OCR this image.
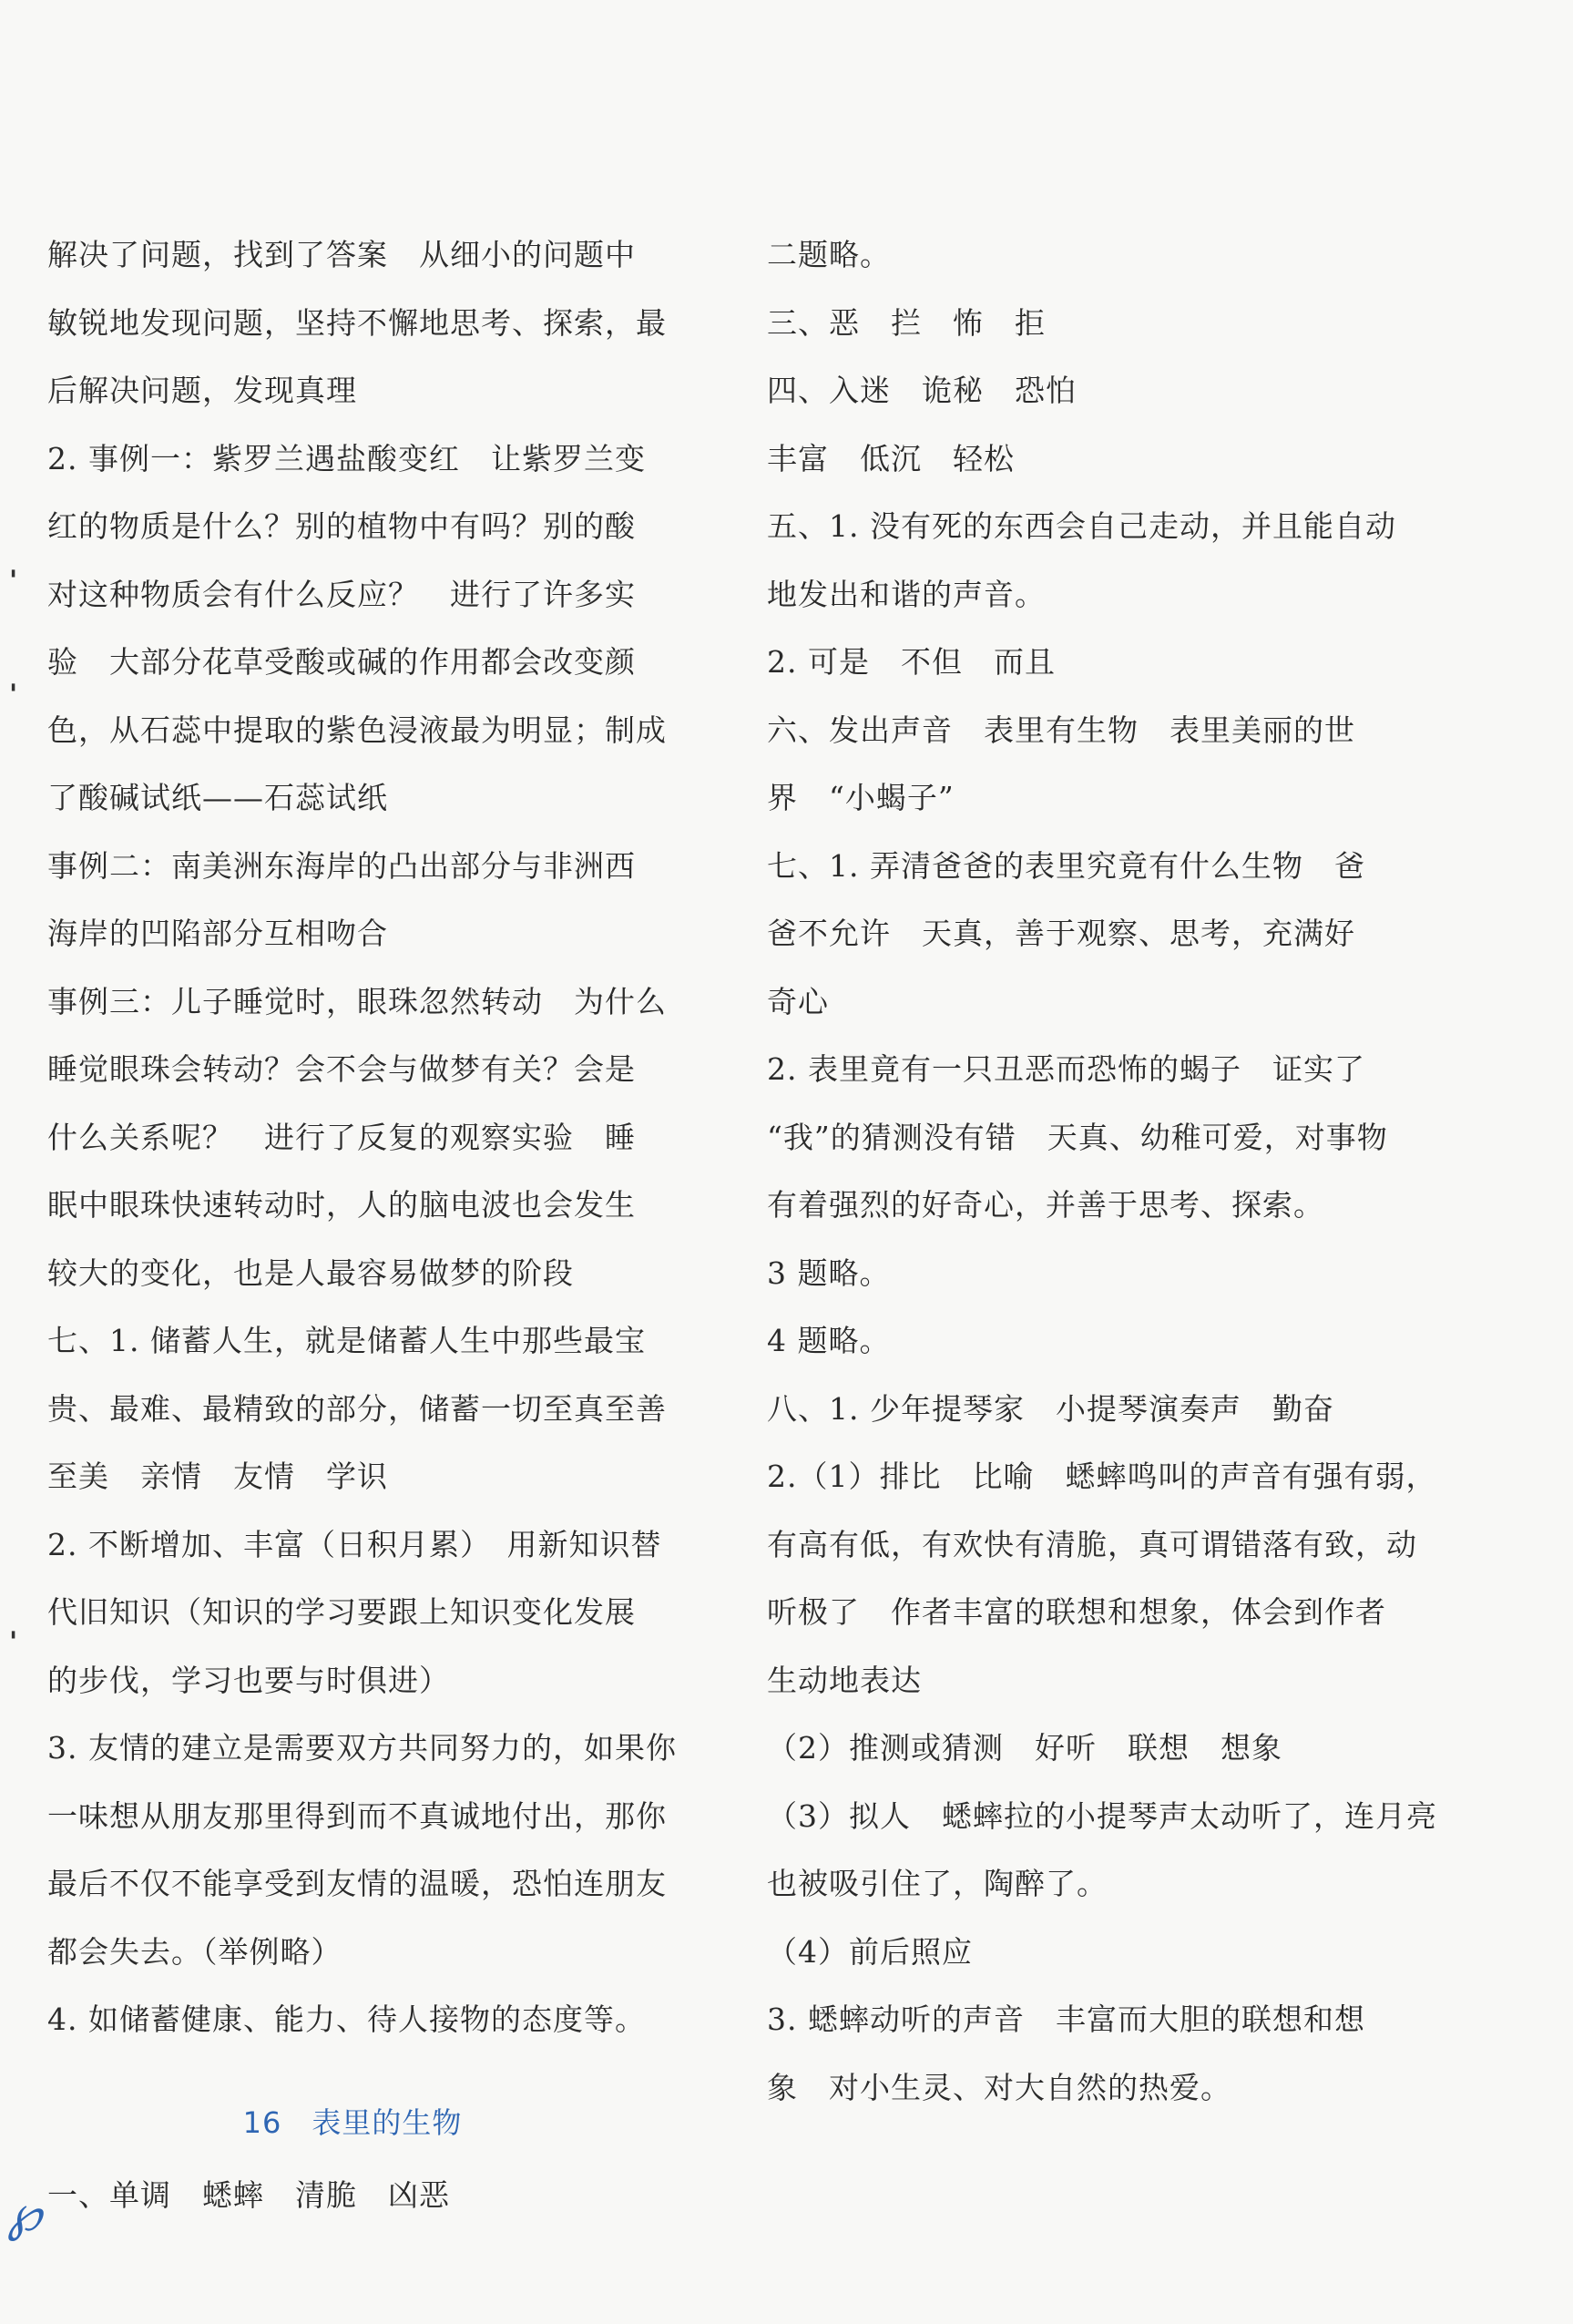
解决了问题，找到了答案　从细小的问题中

敏锐地发现问题，坚持不懈地思考、探索，最

后解决问题，发现真理

2. 事例一：紫罗兰遇盐酸变红　让紫罗兰变

红的物质是什么？别的植物中有吗？别的酸

对这种物质会有什么反应？　进行了许多实

验　大部分花草受酸或碱的作用都会改变颜

色，从石蕊中提取的紫色浸液最为明显；制成

了酸碱试纸——石蕊试纸

事例二：南美洲东海岸的凸出部分与非洲西

海岸的凹陷部分互相吻合

事例三：儿子睡觉时，眼珠忽然转动　为什么

睡觉眼珠会转动？会不会与做梦有关？会是

什么关系呢？　进行了反复的观察实验　睡

眠中眼珠快速转动时，人的脑电波也会发生

较大的变化，也是人最容易做梦的阶段

七、1. 储蓄人生，就是储蓄人生中那些最宝

贵、最难、最精致的部分，储蓄一切至真至善

至美　亲情　友情　学识

2. 不断增加、丰富（日积月累）　用新知识替

代旧知识（知识的学习要跟上知识变化发展

的步伐，学习也要与时俱进）

3. 友情的建立是需要双方共同努力的，如果你

一味想从朋友那里得到而不真诚地付出，那你

最后不仅不能享受到友情的温暖，恐怕连朋友

都会失去。（举例略）

4. 如储蓄健康、能力、待人接物的态度等。

16　表里的生物

一、单调　蟋蟀　清脆　凶恶

二题略。

三、恶　拦　怖　拒

四、入迷　诡秘　恐怕

丰富　低沉　轻松

五、1. 没有死的东西会自己走动，并且能自动

地发出和谐的声音。

2. 可是　不但　而且

六、发出声音　表里有生物　表里美丽的世

界　“小蝎子”

七、1. 弄清爸爸的表里究竟有什么生物　爸

爸不允许　天真，善于观察、思考，充满好

奇心

2. 表里竟有一只丑恶而恐怖的蝎子　证实了

“我”的猜测没有错　天真、幼稚可爱，对事物

有着强烈的好奇心，并善于思考、探索。

3 题略。

4 题略。

八、1. 少年提琴家　小提琴演奏声　勤奋

2.（1）排比　比喻　蟋蟀鸣叫的声音有强有弱，

有高有低，有欢快有清脆，真可谓错落有致，动

听极了　作者丰富的联想和想象，体会到作者

生动地表达

（2）推测或猜测　好听　联想　想象

（3）拟人　蟋蟀拉的小提琴声太动听了，连月亮

也被吸引住了，陶醉了。

（4）前后照应

3. 蟋蟀动听的声音　丰富而大胆的联想和想

象　对小生灵、对大自然的热爱。

'
'
'
℘
